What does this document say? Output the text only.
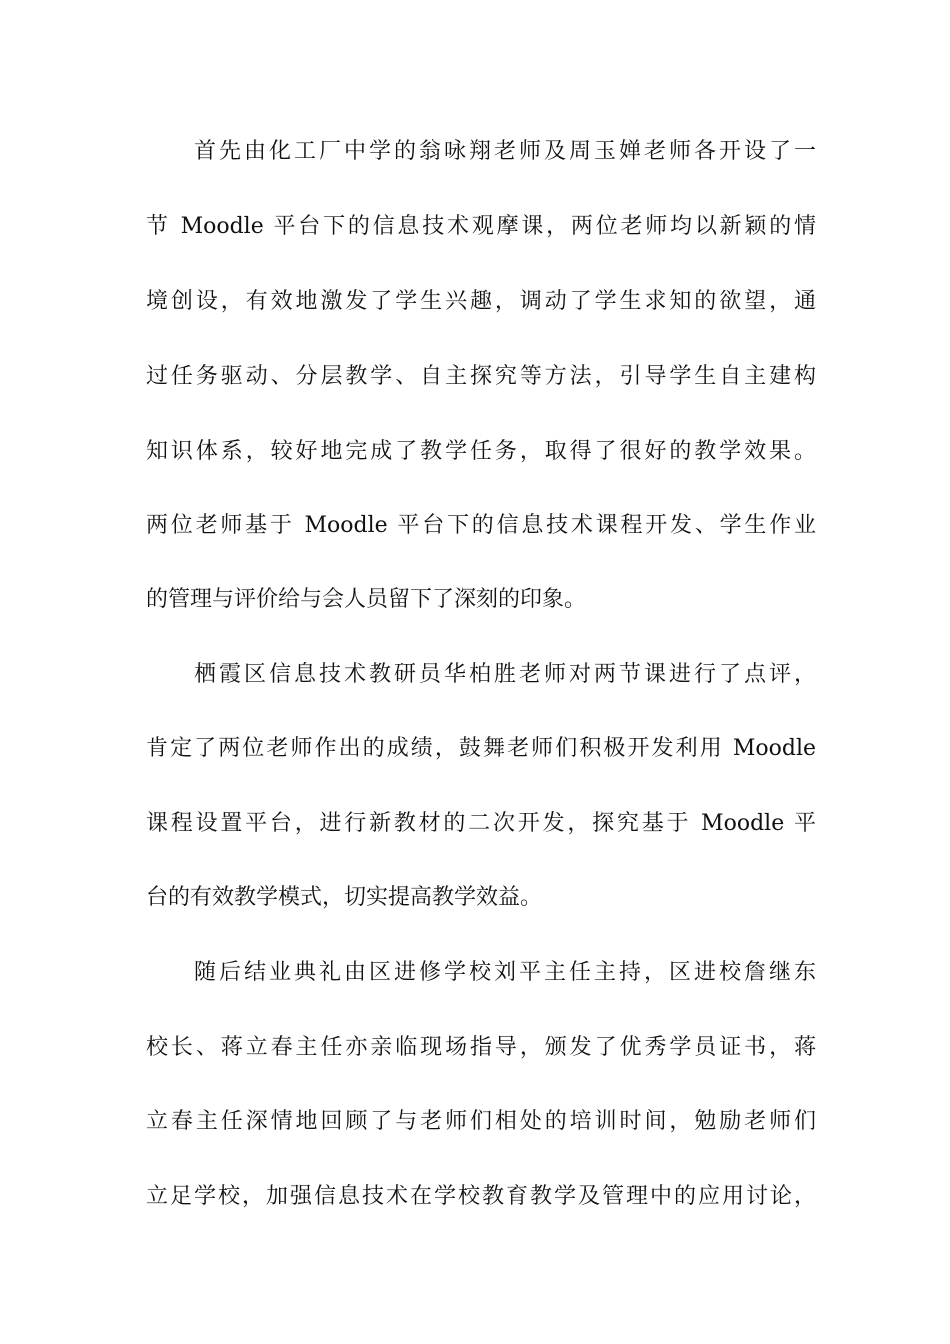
首先由化工厂中学的翁咏翔老师及周玉婵老师各开设了一

节 Moodle 平台下的信息技术观摩课，两位老师均以新颖的情

境创设，有效地激发了学生兴趣，调动了学生求知的欲望，通

过任务驱动、分层教学、自主探究等方法，引导学生自主建构

知识体系，较好地完成了教学任务，取得了很好的教学效果。

两位老师基于 Moodle 平台下的信息技术课程开发、学生作业

的管理与评价给与会人员留下了深刻的印象。

栖霞区信息技术教研员华柏胜老师对两节课进行了点评，

肯定了两位老师作出的成绩，鼓舞老师们积极开发利用 Moodle

课程设置平台，进行新教材的二次开发，探究基于 Moodle 平

台的有效教学模式，切实提高教学效益。

随后结业典礼由区进修学校刘平主任主持，区进校詹继东

校长、蒋立春主任亦亲临现场指导，颁发了优秀学员证书，蒋

立春主任深情地回顾了与老师们相处的培训时间，勉励老师们

立足学校，加强信息技术在学校教育教学及管理中的应用讨论，
